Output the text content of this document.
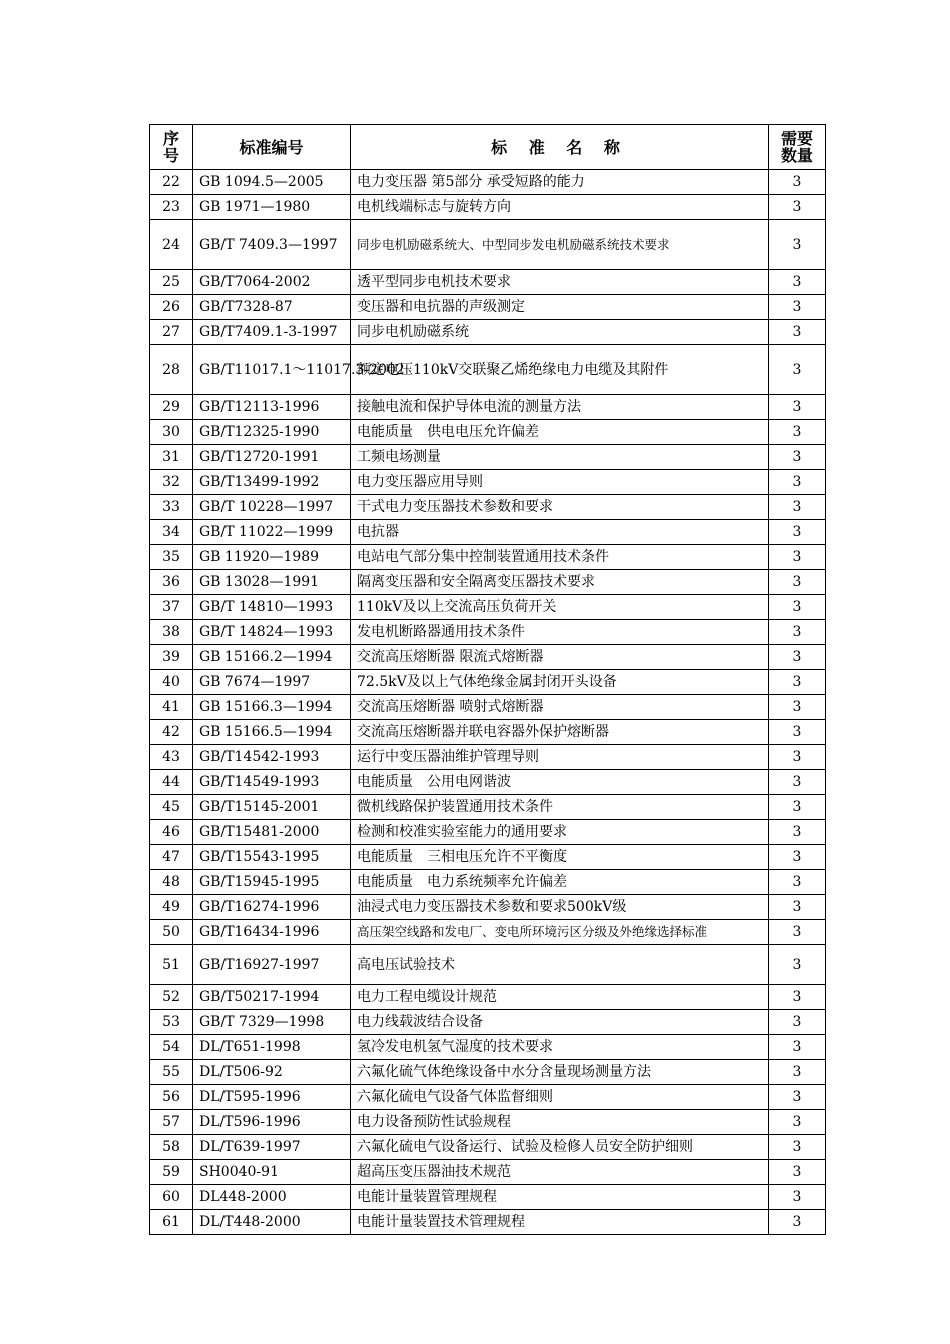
序号	标准编号	标 准 名 称	需要数量
22	GB 1094.5—2005	电力变压器 第5部分 承受短路的能力	3
23	GB 1971—1980	电机线端标志与旋转方向	3
24	GB/T 7409.3—1997	同步电机励磁系统大、中型同步发电机励磁系统技术要求	3
25	GB/T7064-2002	透平型同步电机技术要求	3
26	GB/T7328-87	变压器和电抗器的声级测定	3
27	GB/T7409.1-3-1997	同步电机励磁系统	3
28	GB/T11017.1～11017.3-2002	额定电压110kV交联聚乙烯绝缘电力电缆及其附件	3
29	GB/T12113-1996	接触电流和保护导体电流的测量方法	3
30	GB/T12325-1990	电能质量　供电电压允许偏差	3
31	GB/T12720-1991	工频电场测量	3
32	GB/T13499-1992	电力变压器应用导则	3
33	GB/T 10228—1997	干式电力变压器技术参数和要求	3
34	GB/T 11022—1999	电抗器	3
35	GB 11920—1989	电站电气部分集中控制装置通用技术条件	3
36	GB 13028—1991	隔离变压器和安全隔离变压器技术要求	3
37	GB/T 14810—1993	110kV及以上交流高压负荷开关	3
38	GB/T 14824—1993	发电机断路器通用技术条件	3
39	GB 15166.2—1994	交流高压熔断器 限流式熔断器	3
40	GB 7674—1997	72.5kV及以上气体绝缘金属封闭开头设备	3
41	GB 15166.3—1994	交流高压熔断器 喷射式熔断器	3
42	GB 15166.5—1994	交流高压熔断器并联电容器外保护熔断器	3
43	GB/T14542-1993	运行中变压器油维护管理导则	3
44	GB/T14549-1993	电能质量　公用电网谐波	3
45	GB/T15145-2001	微机线路保护装置通用技术条件	3
46	GB/T15481-2000	检测和校准实验室能力的通用要求	3
47	GB/T15543-1995	电能质量　三相电压允许不平衡度	3
48	GB/T15945-1995	电能质量　电力系统频率允许偏差	3
49	GB/T16274-1996	油浸式电力变压器技术参数和要求500kV级	3
50	GB/T16434-1996	高压架空线路和发电厂、变电所环境污区分级及外绝缘选择标准	3
51	GB/T16927-1997	高电压试验技术	3
52	GB/T50217-1994	电力工程电缆设计规范	3
53	GB/T 7329—1998	电力线载波结合设备	3
54	DL/T651-1998	氢冷发电机氢气湿度的技术要求	3
55	DL/T506-92	六氟化硫气体绝缘设备中水分含量现场测量方法	3
56	DL/T595-1996	六氟化硫电气设备气体监督细则	3
57	DL/T596-1996	电力设备预防性试验规程	3
58	DL/T639-1997	六氟化硫电气设备运行、试验及检修人员安全防护细则	3
59	SH0040-91	超高压变压器油技术规范	3
60	DL448-2000	电能计量装置管理规程	3
61	DL/T448-2000	电能计量装置技术管理规程	3
